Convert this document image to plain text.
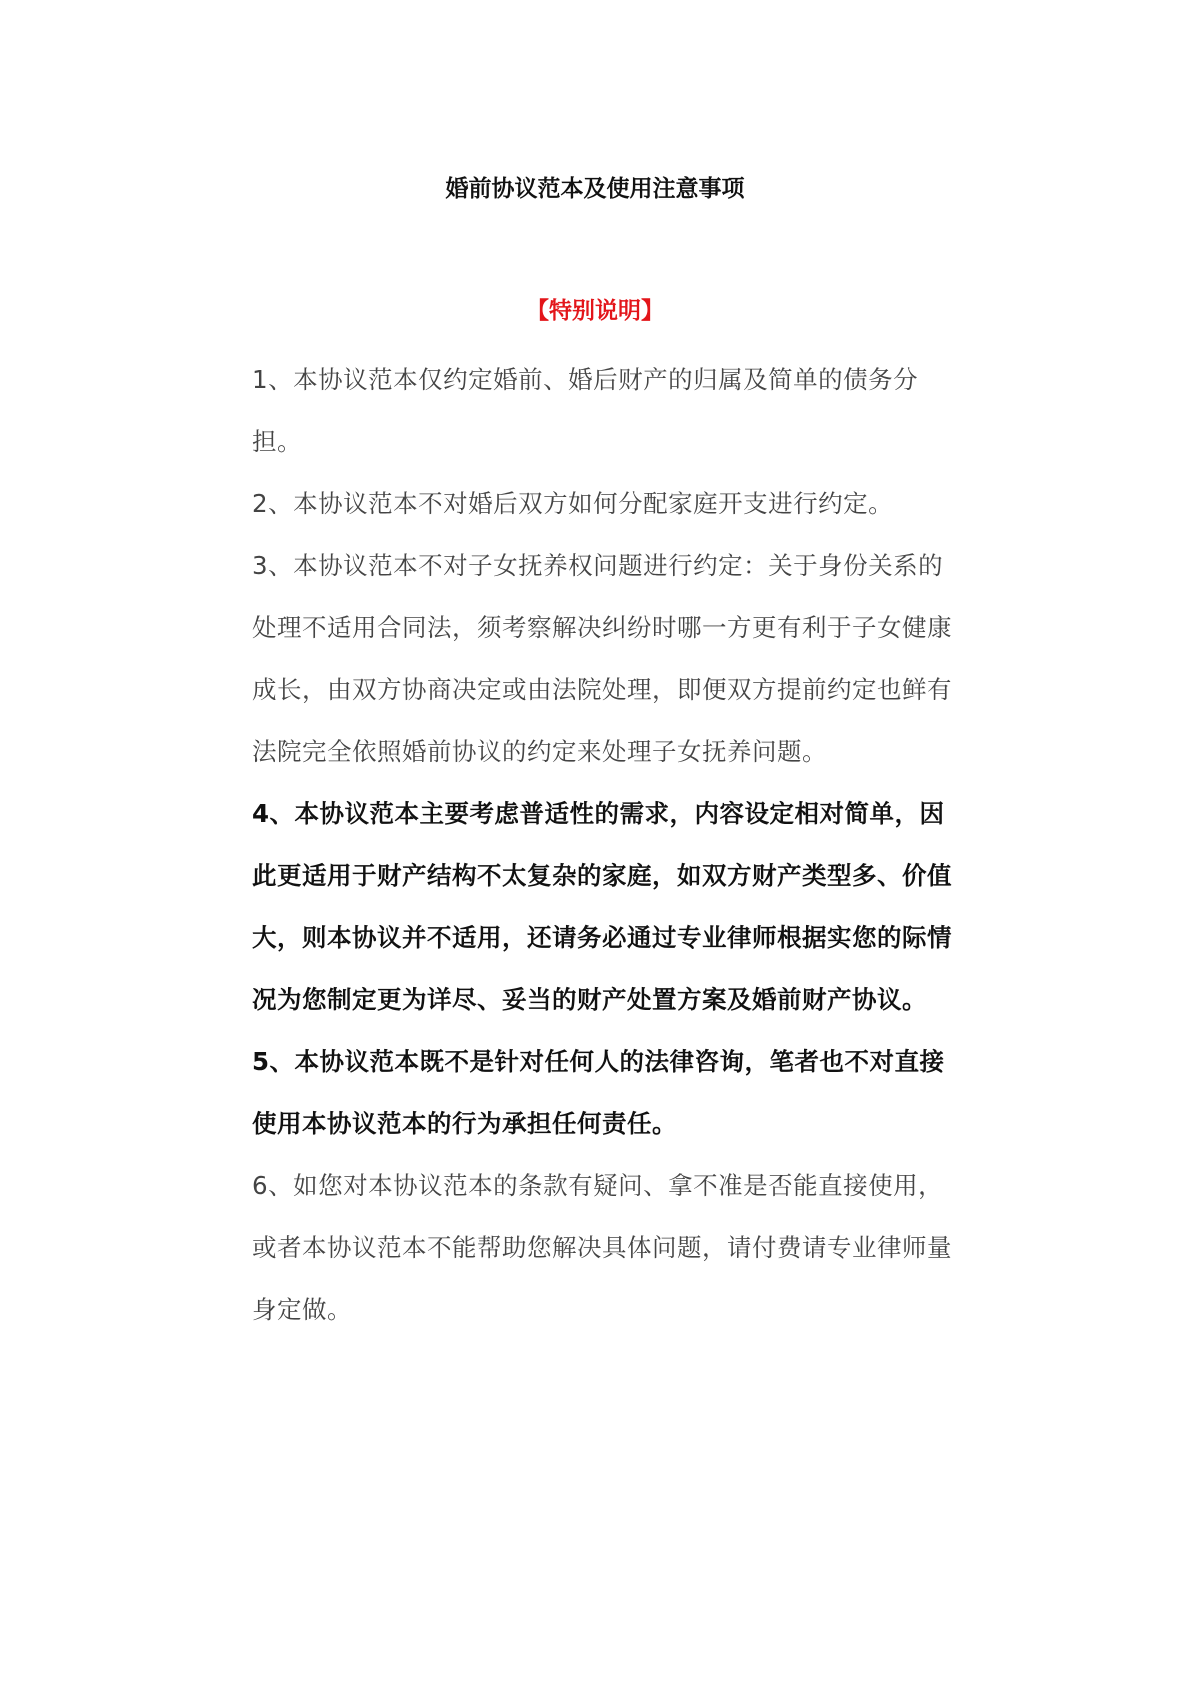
婚前协议范本及使用注意事项
【特别说明】

1、本协议范本仅约定婚前、婚后财产的归属及简单的债务分担。

2、本协议范本不对婚后双方如何分配家庭开支进行约定。

3、本协议范本不对子女抚养权问题进行约定：关于身份关系的处理不适用合同法，须考察解决纠纷时哪一方更有利于子女健康成长，由双方协商决定或由法院处理，即便双方提前约定也鲜有法院完全依照婚前协议的约定来处理子女抚养问题。

4、本协议范本主要考虑普适性的需求，内容设定相对简单，因此更适用于财产结构不太复杂的家庭，如双方财产类型多、价值大，则本协议并不适用，还请务必通过专业律师根据实您的际情况为您制定更为详尽、妥当的财产处置方案及婚前财产协议。

5、本协议范本既不是针对任何人的法律咨询，笔者也不对直接使用本协议范本的行为承担任何责任。

6、如您对本协议范本的条款有疑问、拿不准是否能直接使用，或者本协议范本不能帮助您解决具体问题，请付费请专业律师量身定做。
